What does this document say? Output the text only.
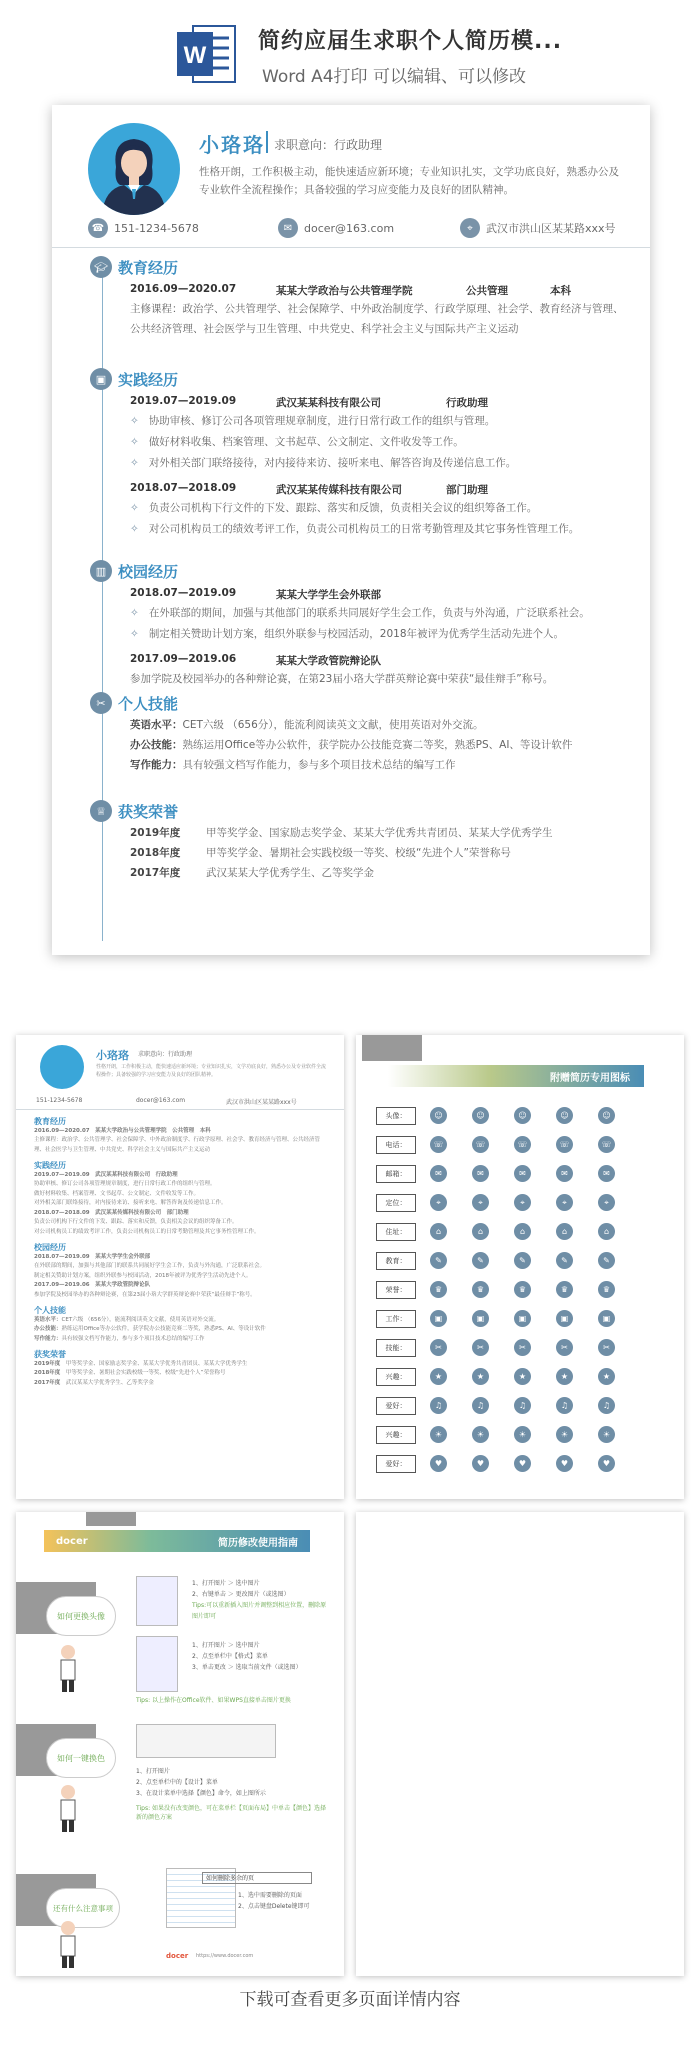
W
简约应届生求职个人简历模...
Word A4打印 可以编辑、可以修改
小珞珞 求职意向：行政助理
性格开朗，工作积极主动，能快速适应新环境；专业知识扎实，文学功底良好，熟悉办公及专业软件全流程操作；具备较强的学习应变能力及良好的团队精神。
☎ 151-1234-5678	✉	docer@163.com	⌖	武汉市洪山区某某路xxx号
🎓︎ 教育经历
2016.09—2020.07	某某大学政治与公共管理学院	公共管理	本科
主修课程：政治学、公共管理学、社会保障学、中外政治制度学、行政学原理、社会学、教育经济与管理、公共经济管理、社会医学与卫生管理、中共党史、科学社会主义与国际共产主义运动
▣ 实践经历
2019.07—2019.09	武汉某某科技有限公司	行政助理
✧ 协助审核、修订公司各项管理规章制度，进行日常行政工作的组织与管理。
✧ 做好材料收集、档案管理、文书起草、公文制定、文件收发等工作。
✧ 对外相关部门联络接待，对内接待来访、接听来电、解答咨询及传递信息工作。
2018.07—2018.09	武汉某某传媒科技有限公司	部门助理
✧ 负责公司机构下行文件的下发、跟踪、落实和反馈，负责相关会议的组织筹备工作。
✧ 对公司机构员工的绩效考评工作，负责公司机构员工的日常考勤管理及其它事务性管理工作。
▥ 校园经历
2018.07—2019.09	某某大学学生会外联部
✧ 在外联部的期间，加强与其他部门的联系共同展好学生会工作，负责与外沟通，广泛联系社会。
✧ 制定相关赞助计划方案，组织外联参与校园活动，2018年被评为优秀学生活动先进个人。
2017.09—2019.06	某某大学政管院辩论队
参加学院及校园举办的各种辩论赛，在第23届小珞大学群英辩论赛中荣获“最佳辩手”称号。
✂ 个人技能
英语水平：CET六级 （656分），能流利阅读英文文献，使用英语对外交流。
办公技能：熟练运用Office等办公软件，获学院办公技能竞赛二等奖，熟悉PS、AI、等设计软件
写作能力：具有较强文档写作能力，参与多个项目技术总结的编写工作
♕ 获奖荣誉
2019年度 甲等奖学金、国家励志奖学金、某某大学优秀共青团员、某某大学优秀学生
2018年度 甲等奖学金、暑期社会实践校级一等奖、校级“先进个人”荣誉称号
2017年度 武汉某某大学优秀学生、乙等奖学金
小珞珞 求职意向：行政助理
性格开朗，工作积极主动，能快速适应新环境；专业知识扎实，文学功底良好，熟悉办公及专业软件全流程操作；具备较强的学习应变能力及良好的团队精神。
151-1234-5678	docer@163.com	武汉市洪山区某某路xxx号
教育经历
2016.09—2020.07　 某某大学政治与公共管理学院　 公共管理　 本科
主修课程：政治学、公共管理学、社会保障学、中外政治制度学、行政学原理、社会学、教育经济与管理、公共经济管理、社会医学与卫生管理、中共党史、科学社会主义与国际共产主义运动
实践经历
2019.07—2019.09　 武汉某某科技有限公司　 行政助理
协助审核、修订公司各项管理规章制度，进行日常行政工作的组织与管理。
做好材料收集、档案管理、文书起草、公文制定、文件收发等工作。
对外相关部门联络接待，对内接待来访、接听来电、解答咨询及传递信息工作。
2018.07—2018.09　 武汉某某传媒科技有限公司　 部门助理
负责公司机构下行文件的下发、跟踪、落实和反馈，负责相关会议的组织筹备工作。
对公司机构员工的绩效考评工作，负责公司机构员工的日常考勤管理及其它事务性管理工作。
校园经历
2018.07—2019.09　 某某大学学生会外联部
在外联部的期间，加强与其他部门的联系共同展好学生会工作，负责与外沟通，广泛联系社会。
制定相关赞助计划方案，组织外联参与校园活动，2018年被评为优秀学生活动先进个人。
2017.09—2019.06　 某某大学政管院辩论队
参加学院及校园举办的各种辩论赛，在第23届小珞大学群英辩论赛中荣获“最佳辩手”称号。
个人技能
英语水平：CET六级 （656分），能流利阅读英文文献，使用英语对外交流。
办公技能：熟练运用Office等办公软件，获学院办公技能竞赛二等奖，熟悉PS、AI、等设计软件
写作能力：具有较强文档写作能力，参与多个项目技术总结的编写工作
获奖荣誉
2019年度　 甲等奖学金、国家励志奖学金、某某大学优秀共青团员、某某大学优秀学生
2018年度　 甲等奖学金、暑期社会实践校级一等奖、校级“先进个人”荣誉称号
2017年度　 武汉某某大学优秀学生、乙等奖学金
附赠简历专用图标
头像：	☺	☺	☺	☺	☺
电话：	☏	☏	☏	☏	☏
邮箱：	✉	✉	✉	✉	✉
定位：	⌖	⌖	⌖	⌖	⌖
住址：	⌂	⌂	⌂	⌂	⌂
教育：	✎	✎	✎	✎	✎
荣誉：	♛	♛	♛	♛	♛
工作：	▣	▣	▣	▣	▣
技能：	✂	✂	✂	✂	✂
兴趣：	★	★	★	★	★
爱好：	♫	♫	♫	♫	♫
兴趣：	☀	☀	☀	☀	☀
爱好：	♥	♥	♥	♥	♥
docer	简历修改使用指南
如何更换头像
1、打开图片 ＞ 选中图片
2、右键单击 ＞ 更改图片（或选图）
Tips:可以重新插入图片并调整到相应位置，删除原图片即可
1、打开图片 ＞ 选中图片
2、点至单栏中【格式】菜单
3、单击更改 ＞ 选取当前文件（或选图）
Tips: 以上操作在Office软件、如果WPS直接单击图片更换
如何一键换色
1、打开图片
2、点至单栏中的【设计】菜单
3、在设计菜单中选择【颜色】命令，如上图所示
Tips: 如果没有改变颜色，可在菜单栏【页面布局】中单击【颜色】选择新的颜色方案
还有什么注意事项
如何删除多余的页
1、选中需要删除的页面
2、点击键盘Delete键即可
docer https://www.docer.com
下载可查看更多页面详情内容
